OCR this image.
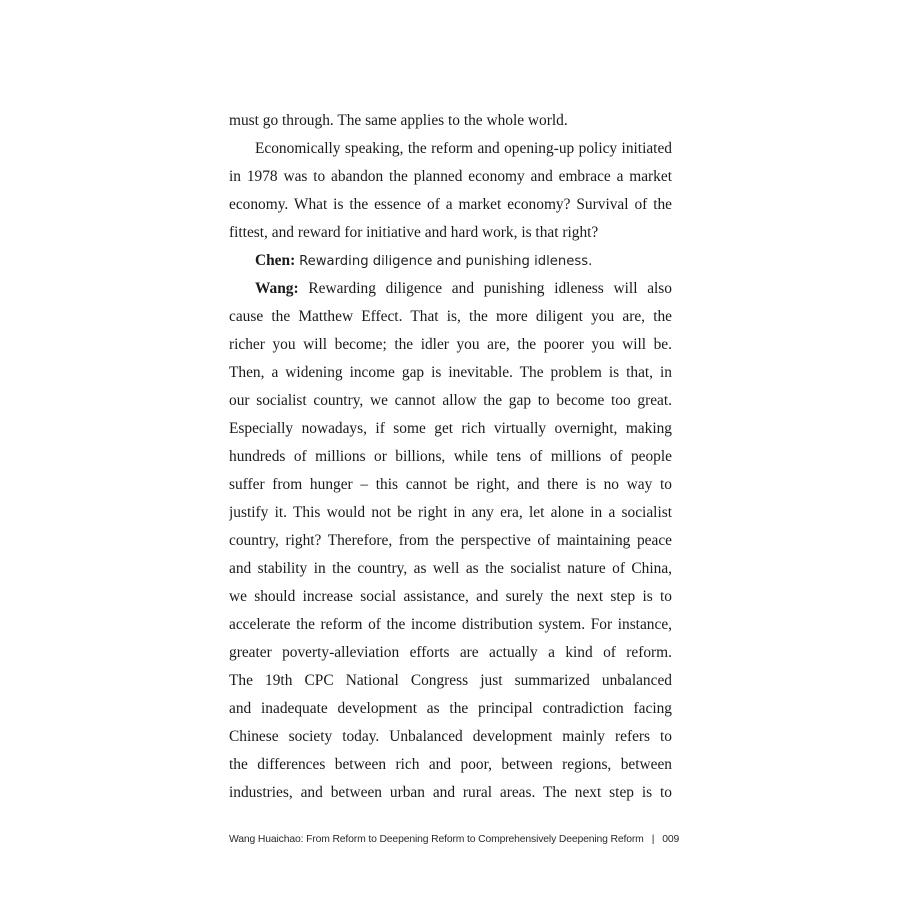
must go through. The same applies to the whole world.
Economically speaking, the reform and opening-up policy initiated
in 1978 was to abandon the planned economy and embrace a market
economy. What is the essence of a market economy? Survival of the
fittest, and reward for initiative and hard work, is that right?
Chen: Rewarding diligence and punishing idleness.
Wang: Rewarding diligence and punishing idleness will also
cause the Matthew Effect. That is, the more diligent you are, the
richer you will become; the idler you are, the poorer you will be.
Then, a widening income gap is inevitable. The problem is that, in
our socialist country, we cannot allow the gap to become too great.
Especially nowadays, if some get rich virtually overnight, making
hundreds of millions or billions, while tens of millions of people
suffer from hunger – this cannot be right, and there is no way to
justify it. This would not be right in any era, let alone in a socialist
country, right? Therefore, from the perspective of maintaining peace
and stability in the country, as well as the socialist nature of China,
we should increase social assistance, and surely the next step is to
accelerate the reform of the income distribution system. For instance,
greater poverty-alleviation efforts are actually a kind of reform.
The 19th CPC National Congress just summarized unbalanced
and inadequate development as the principal contradiction facing
Chinese society today. Unbalanced development mainly refers to
the differences between rich and poor, between regions, between
industries, and between urban and rural areas. The next step is to
Wang Huaichao: From Reform to Deepening Reform to Comprehensively Deepening Reform | 009
